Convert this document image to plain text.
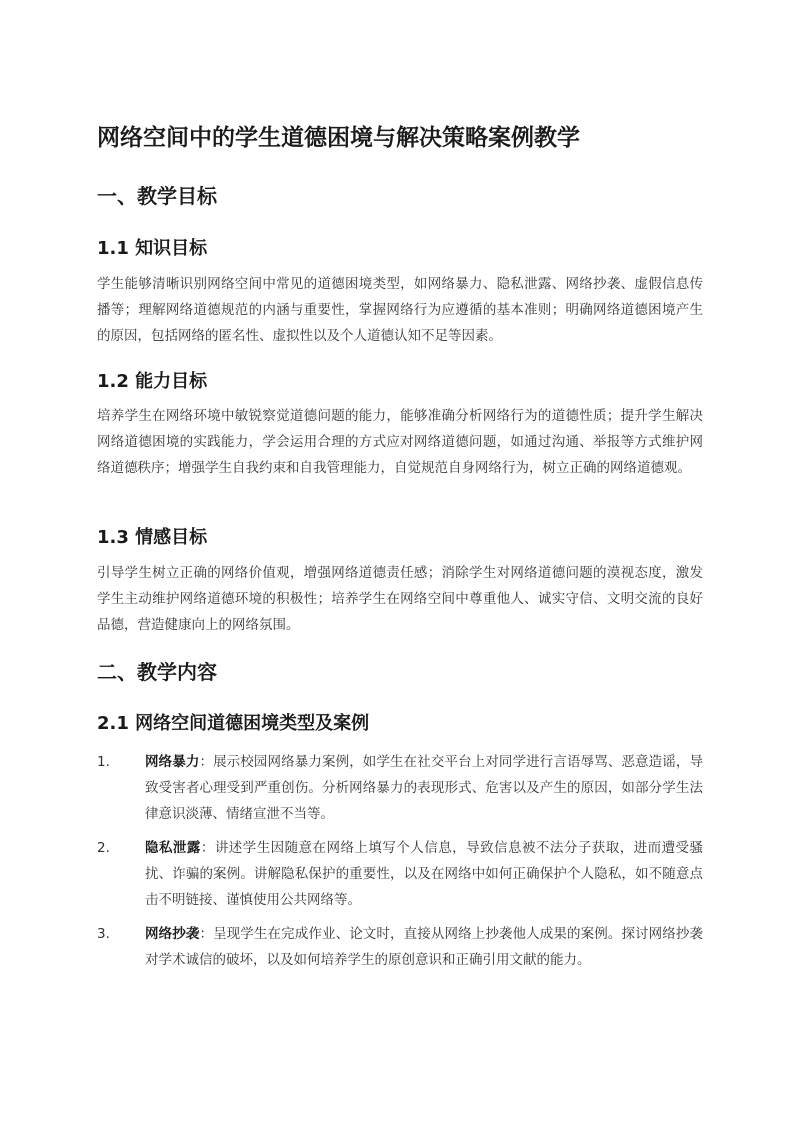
网络空间中的学生道德困境与解决策略案例教学
一、教学目标
1.1 知识目标

学生能够清晰识别网络空间中常见的道德困境类型，如网络暴力、隐私泄露、网络抄袭、虚假信息传播等；理解网络道德规范的内涵与重要性，掌握网络行为应遵循的基本准则；明确网络道德困境产生的原因，包括网络的匿名性、虚拟性以及个人道德认知不足等因素。

1.2 能力目标

培养学生在网络环境中敏锐察觉道德问题的能力，能够准确分析网络行为的道德性质；提升学生解决网络道德困境的实践能力，学会运用合理的方式应对网络道德问题，如通过沟通、举报等方式维护网络道德秩序；增强学生自我约束和自我管理能力，自觉规范自身网络行为，树立正确的网络道德观。

1.3 情感目标

引导学生树立正确的网络价值观，增强网络道德责任感；消除学生对网络道德问题的漠视态度，激发学生主动维护网络道德环境的积极性；培养学生在网络空间中尊重他人、诚实守信、文明交流的良好品德，营造健康向上的网络氛围。

二、教学内容
2.1 网络空间道德困境类型及案例
1.	网络暴力：展示校园网络暴力案例，如学生在社交平台上对同学进行言语辱骂、恶意造谣，导致受害者心理受到严重创伤。分析网络暴力的表现形式、危害以及产生的原因，如部分学生法律意识淡薄、情绪宣泄不当等。
2.	隐私泄露：讲述学生因随意在网络上填写个人信息，导致信息被不法分子获取，进而遭受骚扰、诈骗的案例。讲解隐私保护的重要性，以及在网络中如何正确保护个人隐私，如不随意点击不明链接、谨慎使用公共网络等。
3.	网络抄袭：呈现学生在完成作业、论文时，直接从网络上抄袭他人成果的案例。探讨网络抄袭对学术诚信的破坏，以及如何培养学生的原创意识和正确引用文献的能力。
